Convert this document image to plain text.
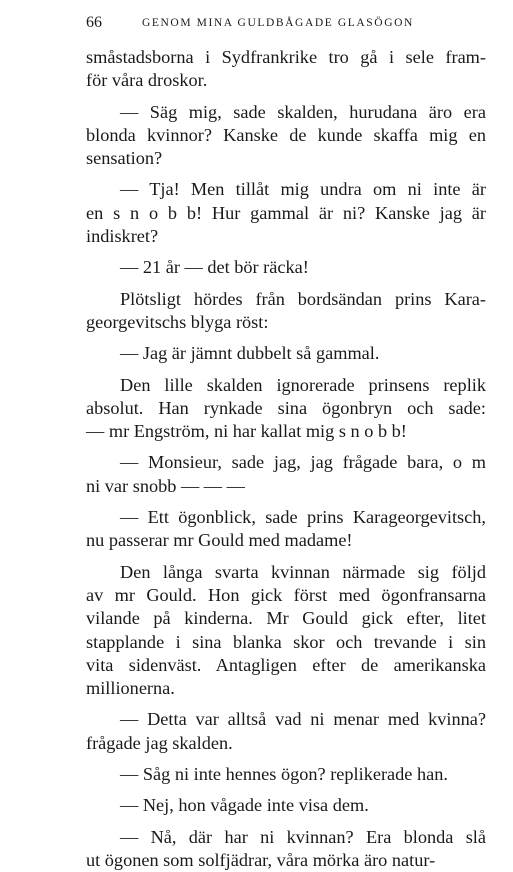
66	GENOM MINA GULDBÅGADE GLASÖGON
småstadsborna i Sydfrankrike tro gå i sele fram-
för våra droskor.
— Säg mig, sade skalden, hurudana äro era
blonda kvinnor? Kanske de kunde skaffa mig en
sensation?
— Tja! Men tillåt mig undra om ni inte är
en s n o b b! Hur gammal är ni? Kanske jag är
indiskret?
— 21 år — det bör räcka!
Plötsligt hördes från bordsändan prins Kara-
georgevitschs blyga röst:
— Jag är jämnt dubbelt så gammal.
Den lille skalden ignorerade prinsens replik
absolut. Han rynkade sina ögonbryn och sade:
— mr Engström, ni har kallat mig s n o b b!
— Monsieur, sade jag, jag frågade bara, o m
ni var snobb — — —
— Ett ögonblick, sade prins Karageorgevitsch,
nu passerar mr Gould med madame!
Den långa svarta kvinnan närmade sig följd
av mr Gould. Hon gick först med ögonfransarna
vilande på kinderna. Mr Gould gick efter, litet
stapplande i sina blanka skor och trevande i sin
vita sidenväst. Antagligen efter de amerikanska
millionerna.
— Detta var alltså vad ni menar med kvinna?
frågade jag skalden.
— Såg ni inte hennes ögon? replikerade han.
— Nej, hon vågade inte visa dem.
— Nå, där har ni kvinnan? Era blonda slå
ut ögonen som solfjädrar, våra mörka äro natur-
